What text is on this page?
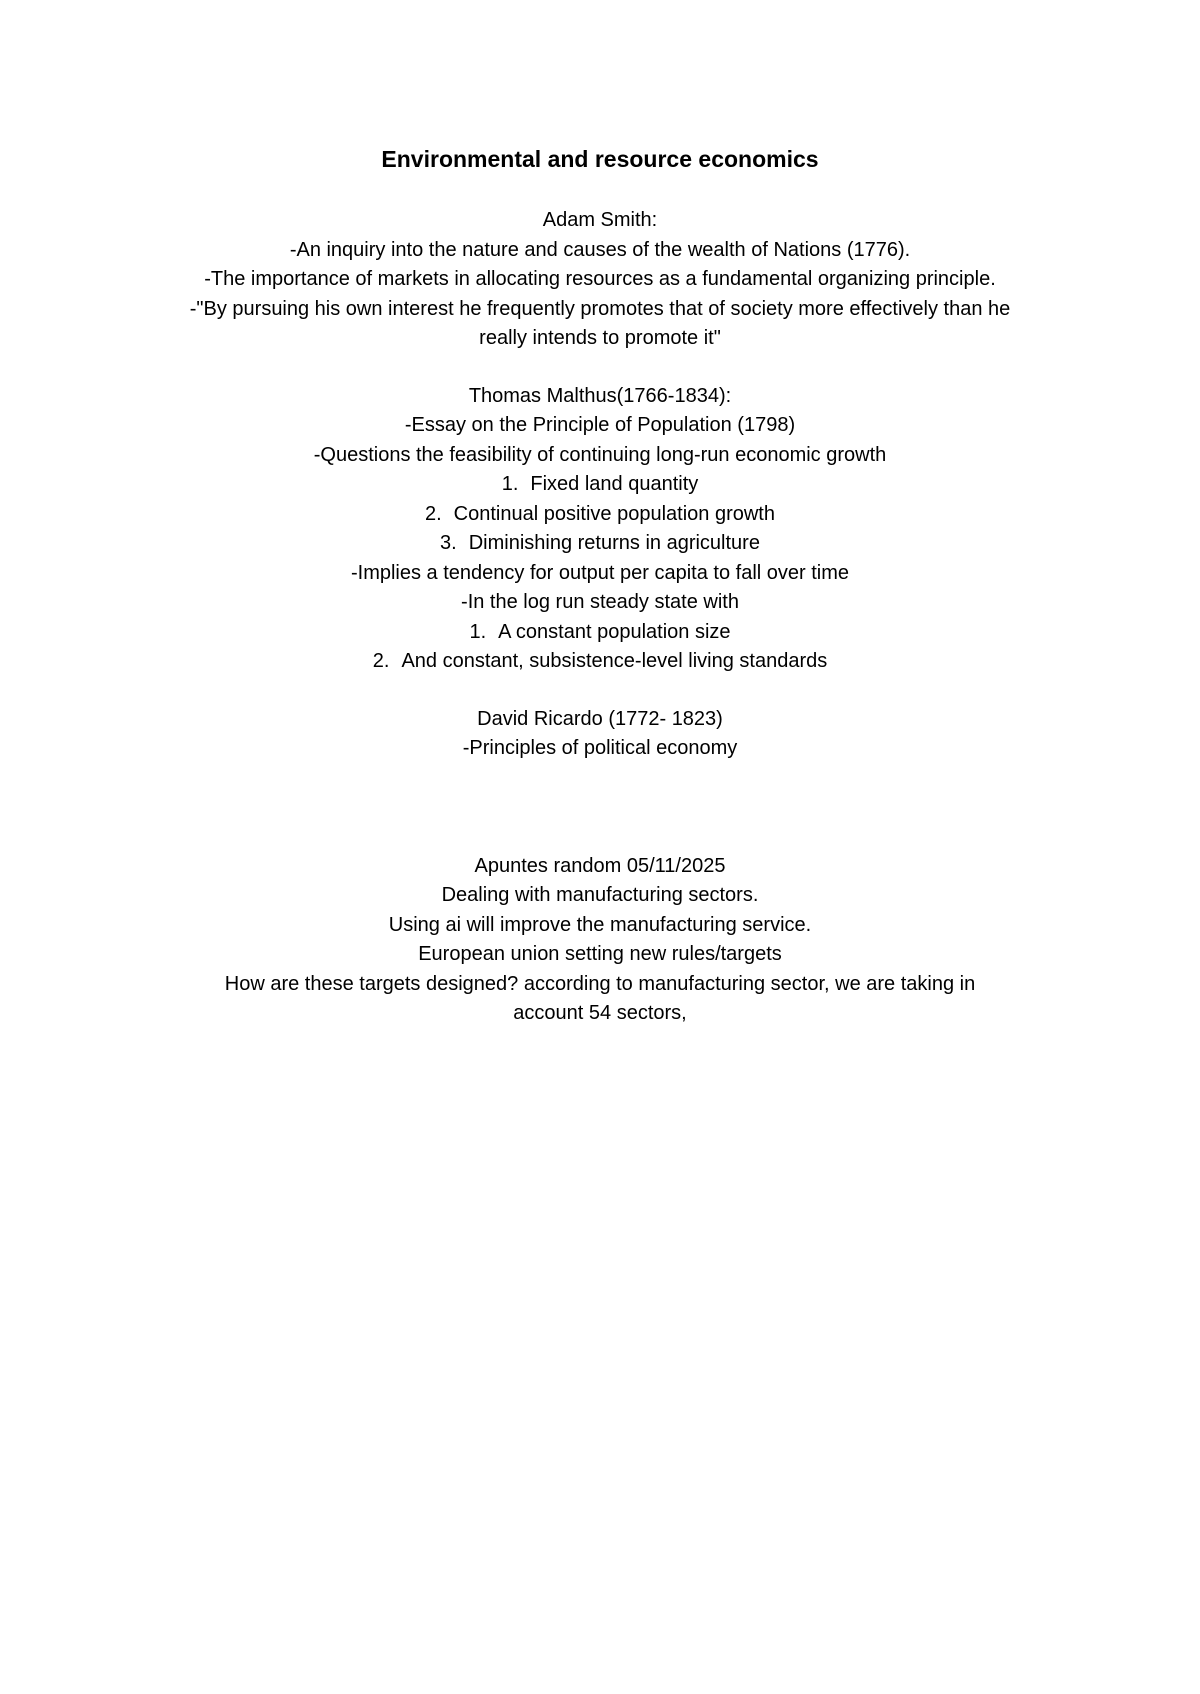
Environmental and resource economics
Adam Smith:
-An inquiry into the nature and causes of the wealth of Nations (1776).
-The importance of markets in allocating resources as a fundamental organizing principle.
-"By pursuing his own interest he frequently promotes that of society more effectively than he
really intends to promote it"
Thomas Malthus(1766-1834):
-Essay on the Principle of Population (1798)
-Questions the feasibility of continuing long-run economic growth
1. Fixed land quantity
2. Continual positive population growth
3. Diminishing returns in agriculture
-Implies a tendency for output per capita to fall over time
-In the log run steady state with
1. A constant population size
2. And constant, subsistence-level living standards
David Ricardo (1772- 1823)
-Principles of political economy
Apuntes random 05/11/2025
Dealing with manufacturing sectors.
Using ai will improve the manufacturing service.
European union setting new rules/targets
How are these targets designed? according to manufacturing sector, we are taking in
account 54 sectors,
